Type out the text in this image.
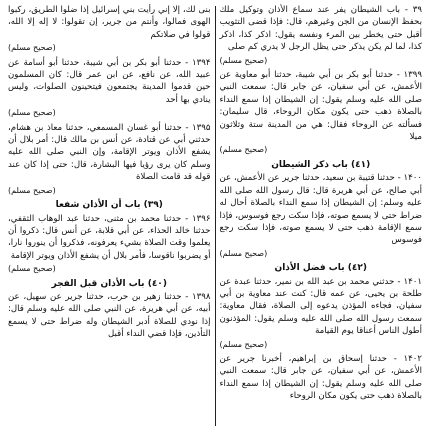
۳۹ - باب الشيطان يفر عند سماع الأذان وتوكيل ملك بحفظ الإنسان من الجن وغيرهم، قال: فإذا قضى التثويب أقبل حتى يخطر بين المرء ونفسه يقول: اذكر كذا، اذكر كذا، لما لم يكن يذكر حتى يظل الرجل لا يدري كم صلى
(صحيح مسلم)
۱۳۹۹ - حدثنا أبو بكر بن أبي شيبة، حدثنا أبو معاوية عن الأعمش، عن أبي سفيان، عن جابر قال: سمعت النبي صلى الله عليه وسلم يقول: إن الشيطان إذا سمع النداء بالصلاة ذهب حتى يكون مكان الروحاء، قال سليمان: فسألته عن الروحاء فقال: هي من المدينة ستة وثلاثون ميلا
(صحيح مسلم)
(٤١) باب ذكر الشيطان
۱۴۰۰ - حدثنا قتيبة بن سعيد، حدثنا جرير عن الأعمش، عن أبي صالح، عن أبي هريرة قال: قال رسول الله صلى الله عليه وسلم: إن الشيطان إذا سمع النداء بالصلاة أحال له ضراط حتى لا يسمع صوته، فإذا سكت رجع فوسوس، فإذا سمع الإقامة ذهب حتى لا يسمع صوته، فإذا سكت رجع فوسوس
(صحيح مسلم)
(٤٢) باب فضل الأذان
۱۴۰۱ - حدثني محمد بن عبد الله بن نمير، حدثنا عبدة عن طلحة بن يحيى، عن عمه قال: كنت عند معاوية بن أبي سفيان، فجاءه المؤذن يدعوه إلى الصلاة، فقال معاوية: سمعت رسول الله صلى الله عليه وسلم يقول: المؤذنون أطول الناس أعناقا يوم القيامة
(صحيح مسلم)
۱۴۰۲ - حدثنا إسحاق بن إبراهيم، أخبرنا جرير عن الأعمش، عن أبي سفيان، عن جابر قال: سمعت النبي صلى الله عليه وسلم يقول: إن الشيطان إذا سمع النداء بالصلاة ذهب حتى يكون مكان الروحاء
بنى لك، إلا إني رأيت بني إسرائيل إذا ضلوا الطريق، ركبوا الهوى فمالوا، وأنتم من جرير، إن تقولوا: لا إله إلا الله، قولوا في صلاتكم
(صحيح مسلم)
۱۳۹۴ - حدثنا أبو بكر بن أبي شيبة، حدثنا أبو أسامة عن عبيد الله، عن نافع، عن ابن عمر قال: كان المسلمون حين قدموا المدينة يجتمعون فيتحينون الصلوات، وليس ينادي بها أحد
(صحيح مسلم)
۱۳۹۵ - حدثنا أبو غسان المسمعي، حدثنا معاذ بن هشام، حدثني أبي عن قتادة، عن أنس بن مالك قال: أمر بلال أن يشفع الأذان ويوتر الإقامة، وإن النبي صلى الله عليه وسلم كان يرى رؤيا فيها البشارة، قال: حتى إذا كان عند قوله قد قامت الصلاة
(صحيح مسلم)
(٣٩) باب أن الأذان شفعا
۱۳۹۶ - حدثنا محمد بن مثنى، حدثنا عبد الوهاب الثقفي، حدثنا خالد الحذاء، عن أبي قلابة، عن أنس قال: ذكروا أن يعلموا وقت الصلاة بشيء يعرفونه، فذكروا أن ينوروا نارا، أو يضربوا ناقوسا، فأمر بلال أن يشفع الأذان ويوتر الإقامة
(صحيح مسلم)
(٤٠) باب الأذان قبل الفجر
۱۳۹۸ - حدثنا زهير بن حرب، حدثنا جرير عن سهيل، عن أبيه، عن أبي هريرة، عن النبي صلى الله عليه وسلم قال: إذا نودي للصلاة أدبر الشيطان وله ضراط حتى لا يسمع التأذين، فإذا قضي النداء أقبل
